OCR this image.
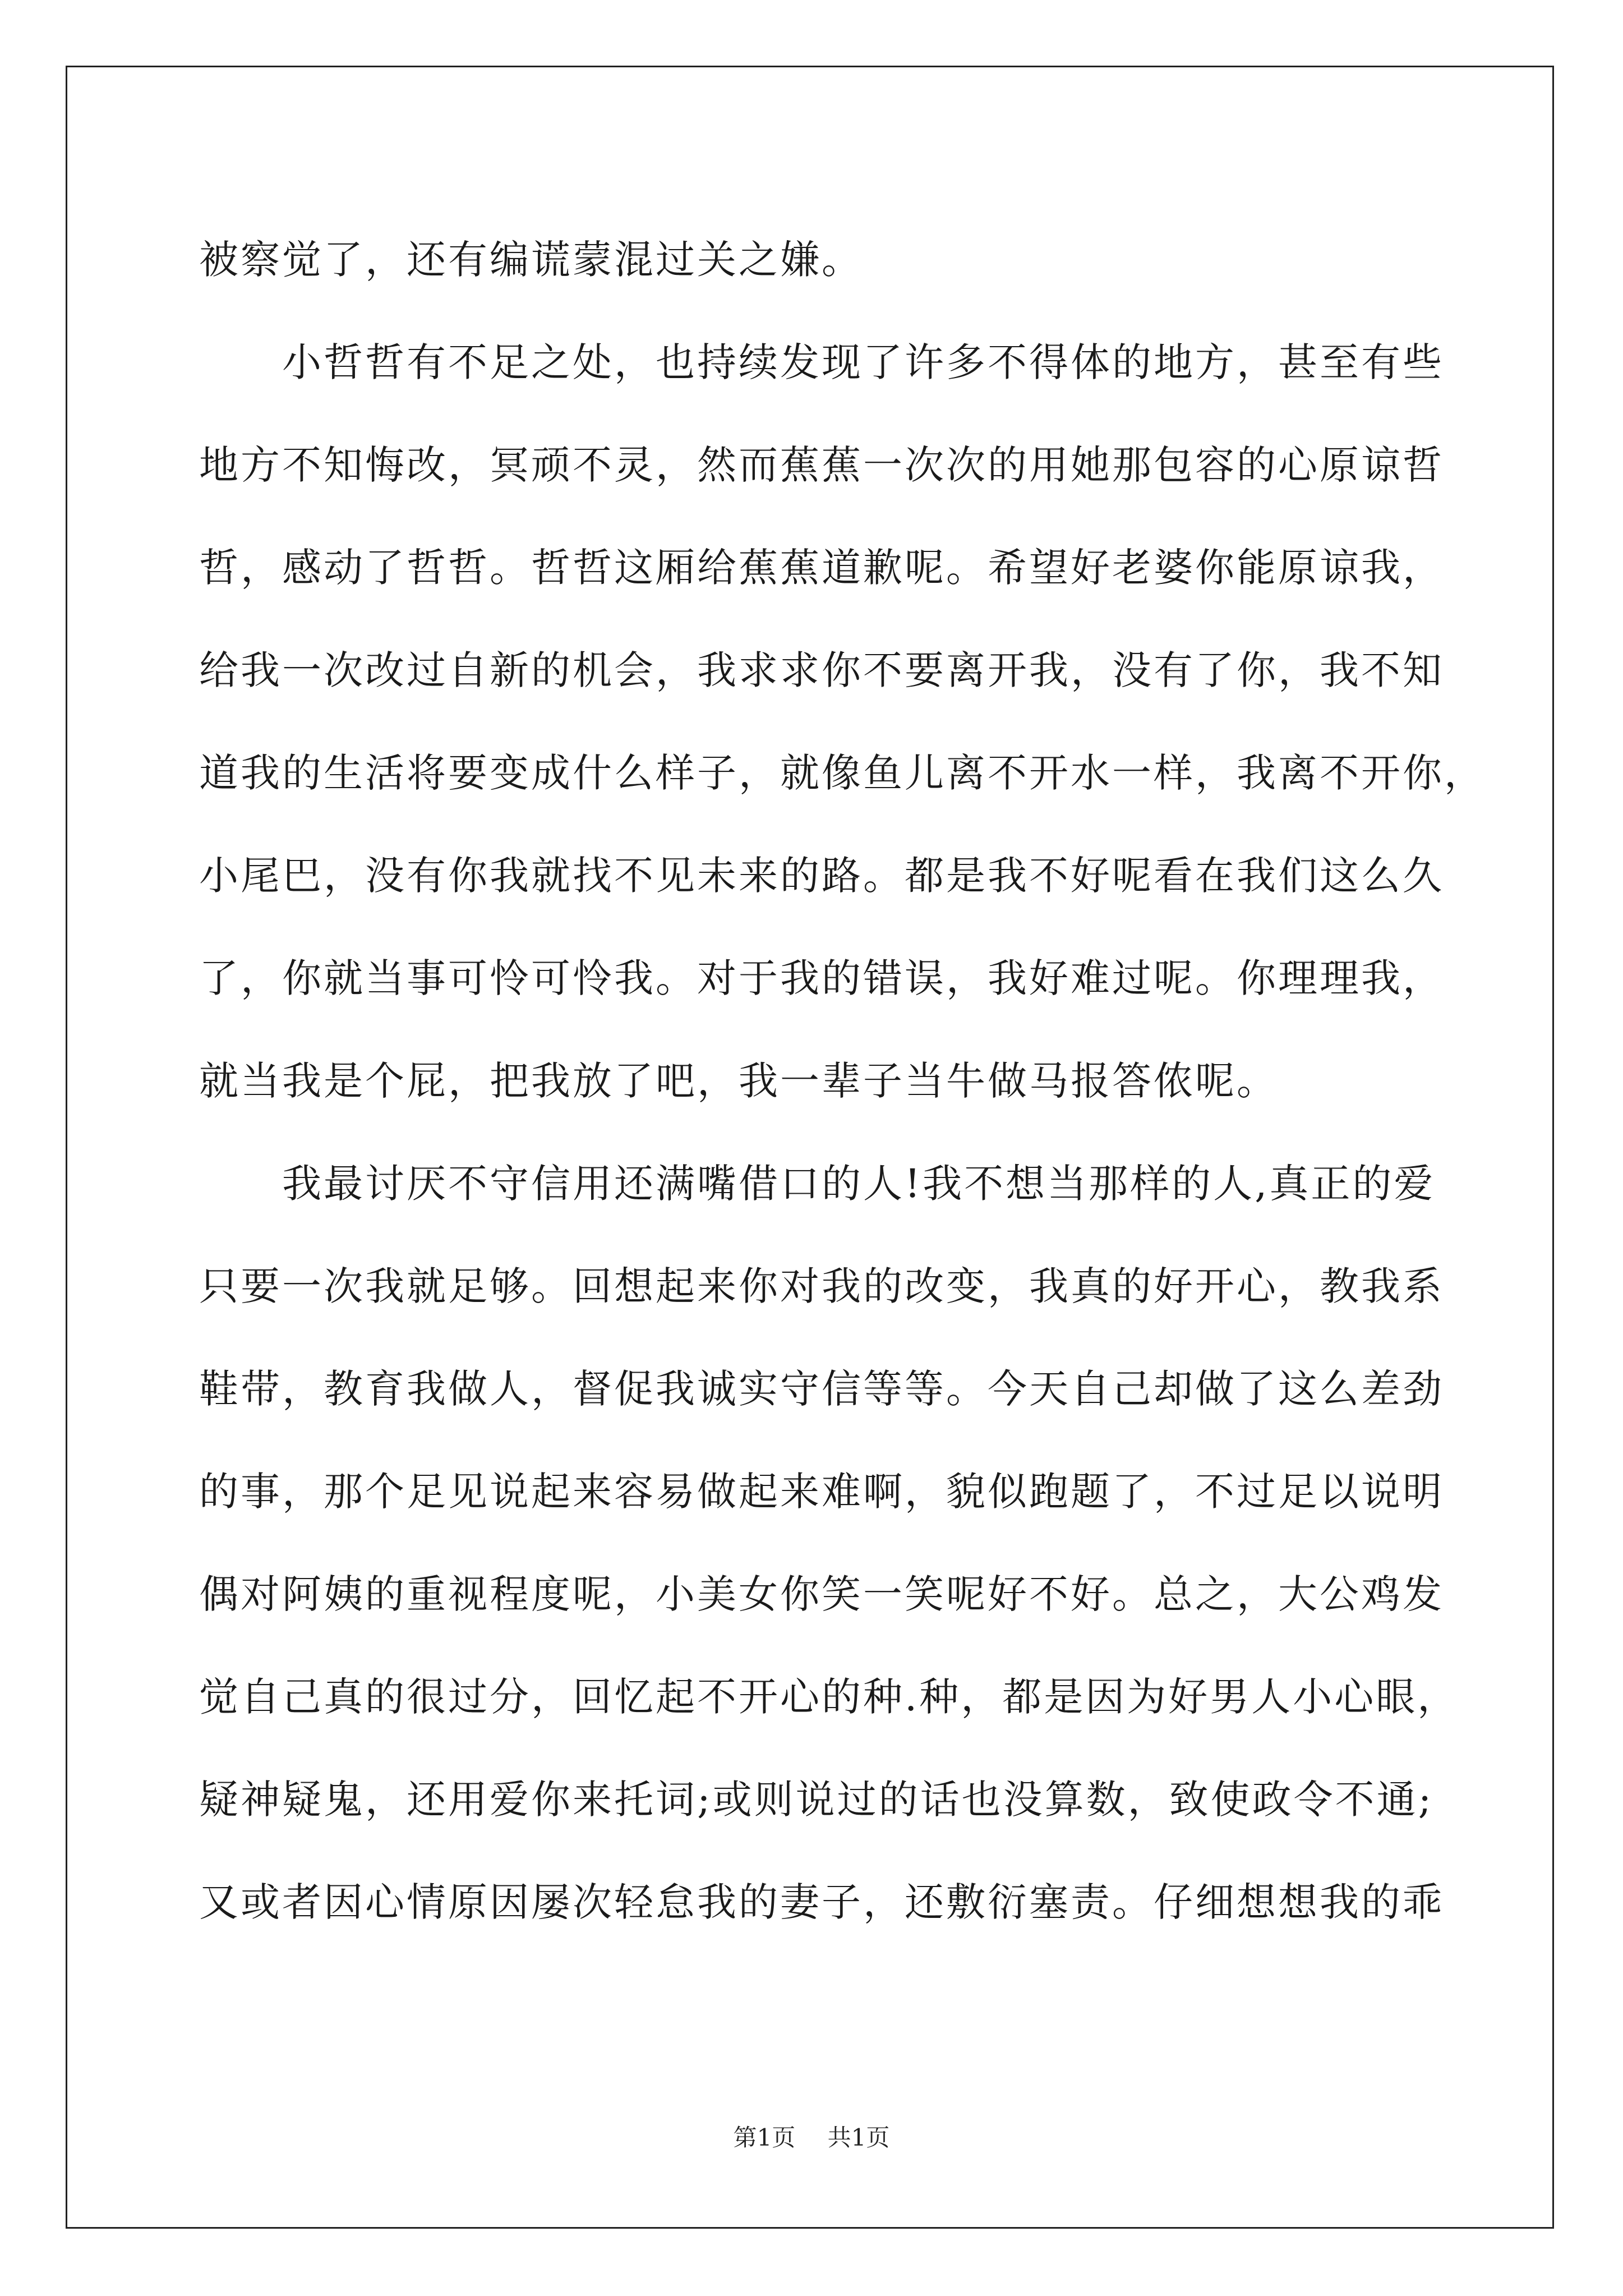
被察觉了，还有编谎蒙混过关之嫌。
　　小哲哲有不足之处，也持续发现了许多不得体的地方，甚至有些
地方不知悔改，冥顽不灵，然而蕉蕉一次次的用她那包容的心原谅哲
哲，感动了哲哲。哲哲这厢给蕉蕉道歉呢。希望好老婆你能原谅我，
给我一次改过自新的机会，我求求你不要离开我，没有了你，我不知
道我的生活将要变成什么样子，就像鱼儿离不开水一样，我离不开你，
小尾巴，没有你我就找不见未来的路。都是我不好呢看在我们这么久
了，你就当事可怜可怜我。对于我的错误，我好难过呢。你理理我，
就当我是个屁，把我放了吧，我一辈子当牛做马报答侬呢。
　　我最讨厌不守信用还满嘴借口的人!我不想当那样的人,真正的爱
只要一次我就足够。回想起来你对我的改变，我真的好开心，教我系
鞋带，教育我做人，督促我诚实守信等等。今天自己却做了这么差劲
的事，那个足见说起来容易做起来难啊，貌似跑题了，不过足以说明
偶对阿姨的重视程度呢，小美女你笑一笑呢好不好。总之，大公鸡发
觉自己真的很过分，回忆起不开心的种.种，都是因为好男人小心眼，
疑神疑鬼，还用爱你来托词;或则说过的话也没算数，致使政令不通;
又或者因心情原因屡次轻怠我的妻子，还敷衍塞责。仔细想想我的乖
第1页 共1页
